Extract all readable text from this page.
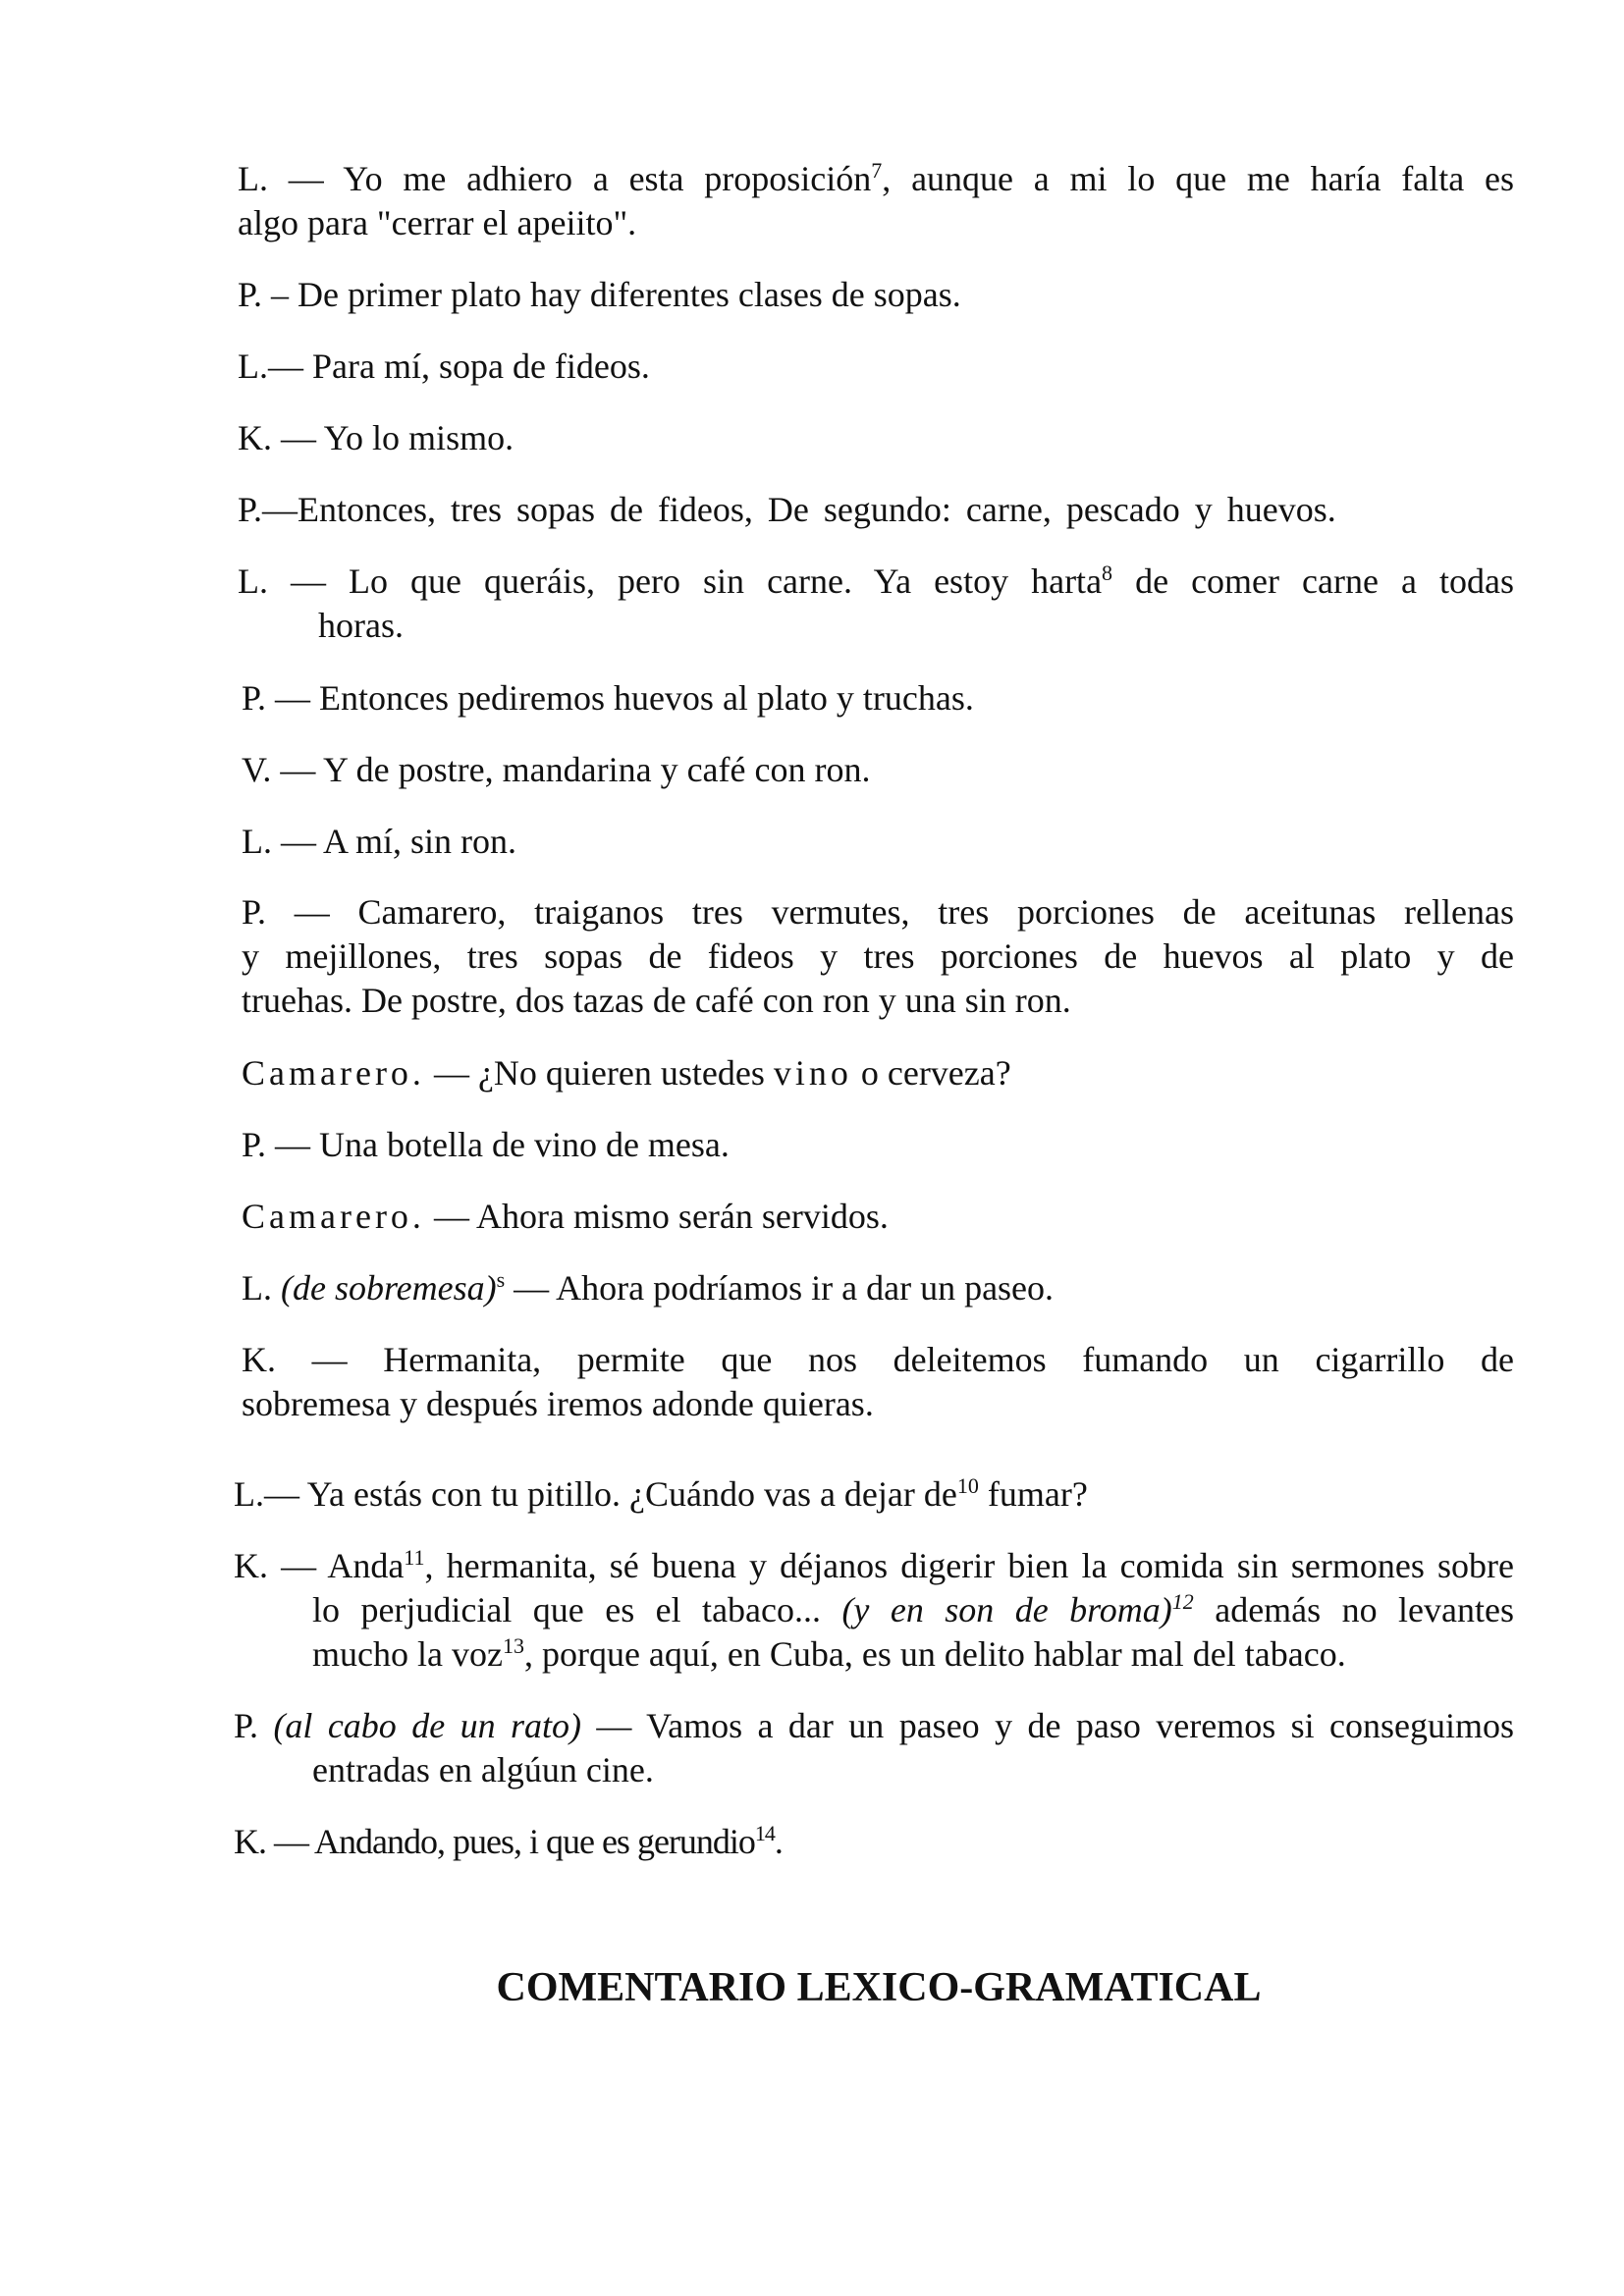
L. — Yo me adhiero a esta proposición$^7$, aunque a mi lo que me haría falta es
algo para "cerrar el apeiito".
P. – De primer plato hay diferentes clases de sopas.
L.— Para mí, sopa de fideos.
K. — Yo lo mismo.
P.—Entonces, tres sopas de fideos, De segundo: carne, pescado y huevos.
L. — Lo que queráis, pero sin carne. Ya estoy harta$^8$ de comer carne a todas
horas.
P. — Entonces pediremos huevos al plato y truchas.
V. — Y de postre, mandarina y café con ron.
L. — A mí, sin ron.
P. — Camarero, traiganos tres vermutes, tres porciones de aceitunas rellenas
y mejillones, tres sopas de fideos y tres porciones de huevos al plato y de
truehas. De postre, dos tazas de café con ron y una sin ron.
Camarero. — ¿No quieren ustedes vino o cerveza?
P. — Una botella de vino de mesa.
Camarero. — Ahora mismo serán servidos.
L. (de sobremesa)$^s$ — Ahora podríamos ir a dar un paseo.
K. — Hermanita, permite que nos deleitemos fumando un cigarrillo de
sobremesa y después iremos adonde quieras.
L.— Ya estás con tu pitillo. ¿Cuándo vas a dejar $de^{10}$ fumar?
K. — Anda$^{11}$, hermanita, sé buena y déjanos digerir bien la comida sin sermones sobre
lo perjudicial que es el tabaco... (y en son de broma)$^{12}$ además no levantes
mucho la voz$^{13}$, porque aquí, en Cuba, es un delito hablar mal del tabaco.
P. (al cabo de un rato) — Vamos a dar un paseo y de paso veremos si conseguimos
entradas en algúun cine.
K. — Andando, pues, i que es gerundio$^{14}$.
COMENTARIO LEXICO-GRAMATICAL
